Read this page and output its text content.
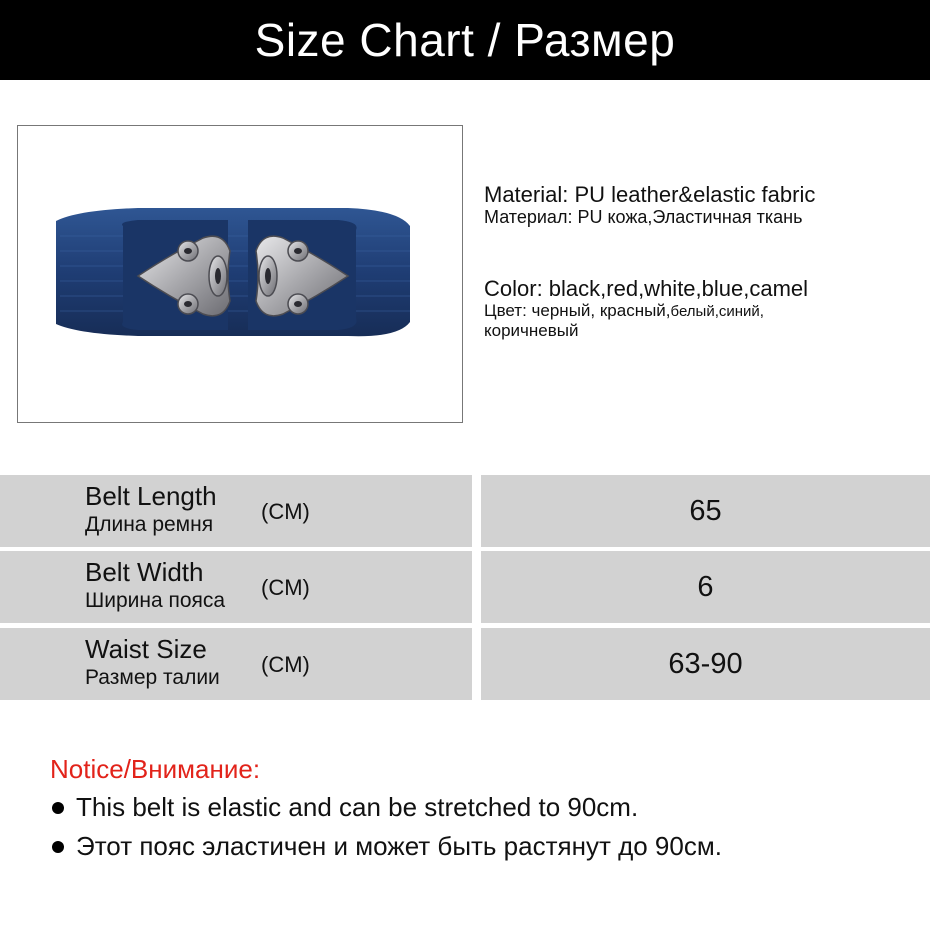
Size Chart / Размер
Material: PU leather&elastic fabric
Материал: PU кожа,Эластичная ткань
Color: black,red,white,blue,camel
Цвет: черный, красный,белый,синий,
коричневый
Belt Length
Длина ремня
(CM)	65
Belt Width
Ширина пояса
(CM)	6
Waist Size
Размер талии
(CM)	63-90
Notice/Внимание:
This belt is elastic and can be stretched to 90cm.
Этот пояс эластичен и может быть растянут до 90см.
